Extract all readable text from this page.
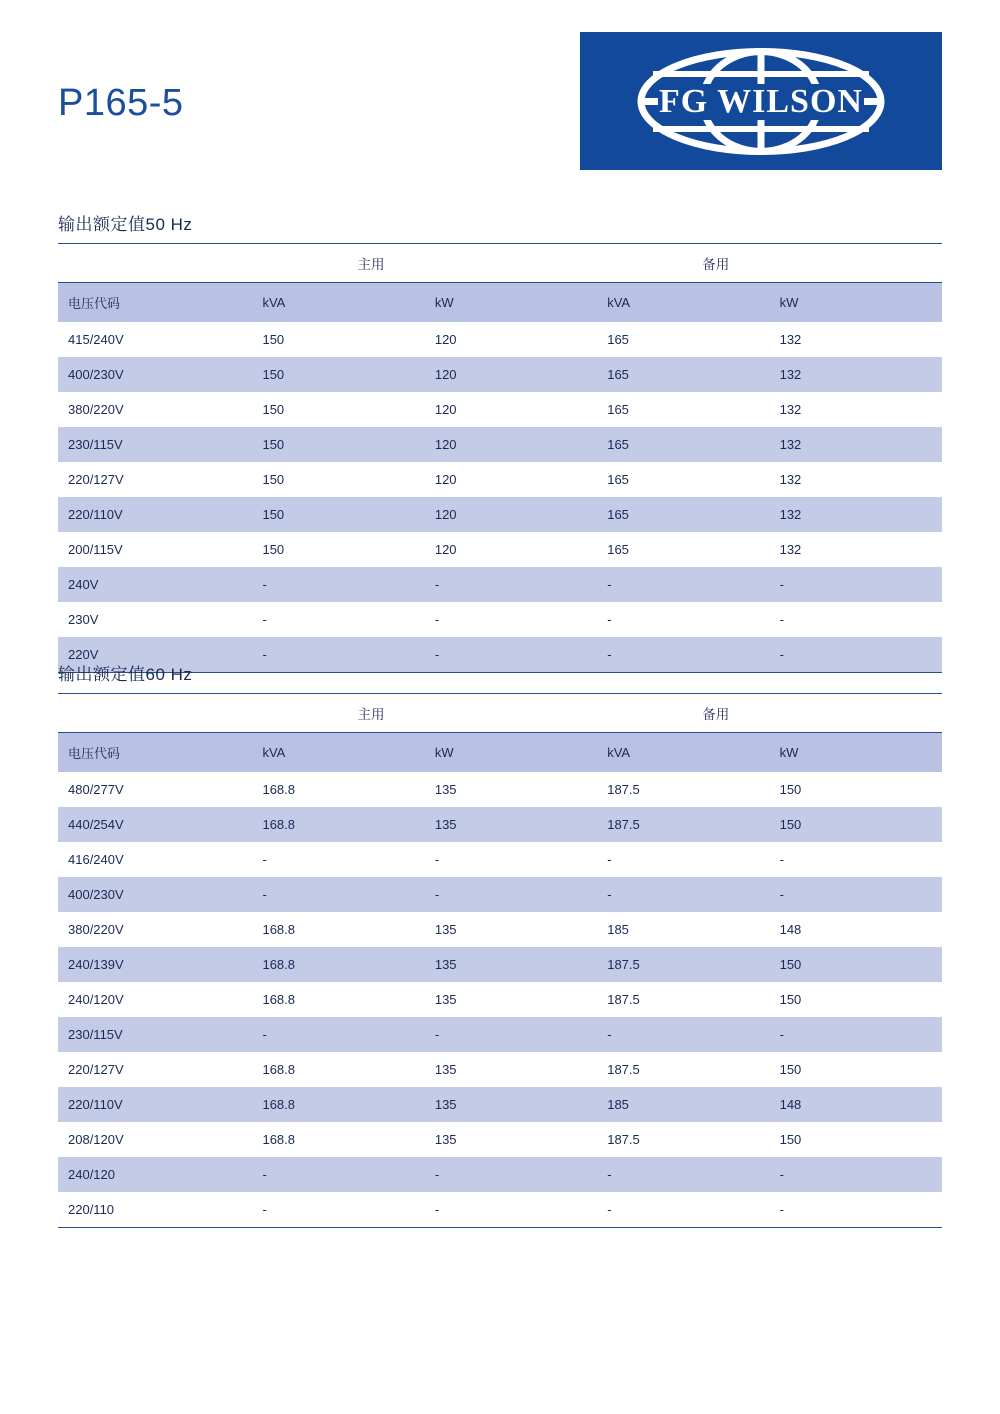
P165-5	FG WILSON
输出额定值50 Hz
	主用		备用	
电压代码	kVA	kW	kVA	kW
415/240V	150	120	165	132
400/230V	150	120	165	132
380/220V	150	120	165	132
230/115V	150	120	165	132
220/127V	150	120	165	132
220/110V	150	120	165	132
200/115V	150	120	165	132
240V	-	-	-	-
230V	-	-	-	-
220V	-	-	-	-
输出额定值60 Hz
	主用		备用	
电压代码	kVA	kW	kVA	kW
480/277V	168.8	135	187.5	150
440/254V	168.8	135	187.5	150
416/240V	-	-	-	-
400/230V	-	-	-	-
380/220V	168.8	135	185	148
240/139V	168.8	135	187.5	150
240/120V	168.8	135	187.5	150
230/115V	-	-	-	-
220/127V	168.8	135	187.5	150
220/110V	168.8	135	185	148
208/120V	168.8	135	187.5	150
240/120	-	-	-	-
220/110	-	-	-	-
